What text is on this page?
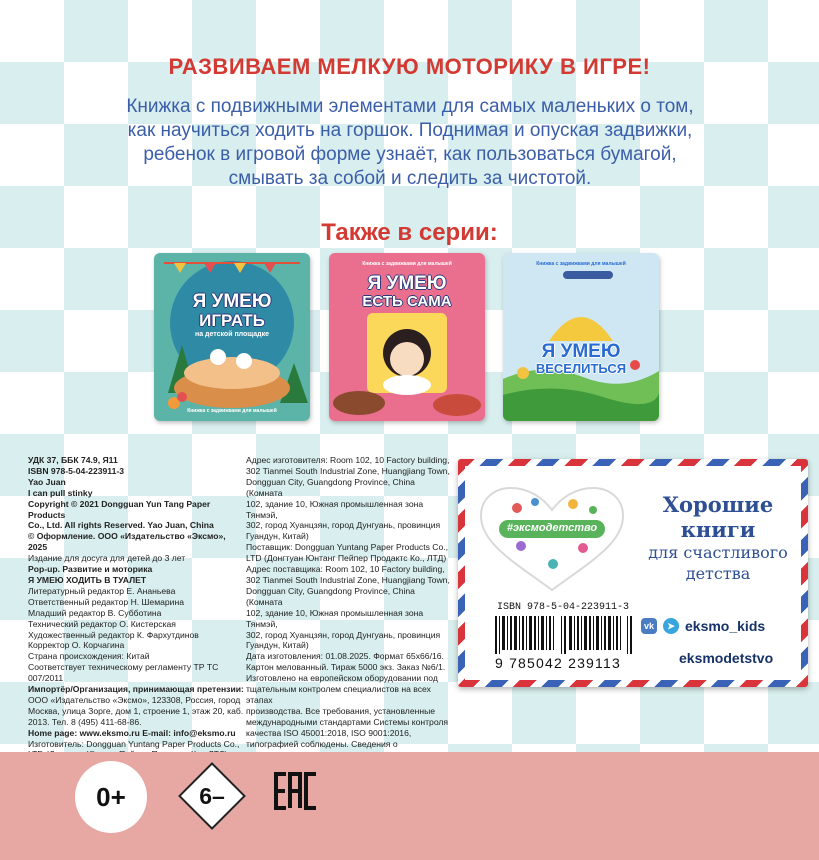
РАЗВИВАЕМ МЕЛКУЮ МОТОРИКУ В ИГРЕ!
Книжка с подвижными элементами для самых маленьких о том,
как научиться ходить на горшок. Поднимая и опуская задвижки,
ребенок в игровой форме узнаёт, как пользоваться бумагой,
смывать за собой и следить за чистотой.
Также в серии:
Я УМЕЮ
ИГРАТЬ
на детской площадке
Книжка с задвижками для малышей
Я УМЕЮ
ЕСТЬ САМА
Книжка с задвижками для малышей
Я УМЕЮ
ВЕСЕЛИТЬСЯ
Книжка с задвижками для малышей

УДК 37, ББК 74.9, Я11

ISBN 978-5-04-223911-3

Yao Juan

I can pull stinky

Copyright © 2021 Dongguan Yun Tang Paper Products

Co., Ltd. All rights Reserved. Yao Juan, China

© Оформление. ООО «Издательство «Эксмо», 2025

Издание для досуга для детей до 3 лет

Pop-up. Развитие и моторика

Я УМЕЮ ХОДИТЬ В ТУАЛЕТ

Литературный редактор Е. Ананьева

Ответственный редактор Н. Шемарина

Младший редактор В. Субботина

Технический редактор О. Кистерская

Художественный редактор К. Фархутдинов

Корректор О. Корчагина

Страна происхождения: Китай

Соответствует техническому регламенту ТР ТС 007/2011

Импортёр/Организация, принимающая претензии:

ООО «Издательство «Эксмо», 123308, Россия, город

Москва, улица Зорге, дом 1, строение 1, этаж 20, каб.

2013. Тел. 8 (495) 411-68-86.

Home page: www.eksmo.ru E-mail: info@eksmo.ru

Изготовитель: Dongguan Yuntang Paper Products Co.,

Адрес изготовителя: Room 102, 10 Factory building,

302 Tianmei South Industrial Zone, Huangjiang Town,

Dongguan City, Guangdong Province, China (Комната

102, здание 10, Южная промышленная зона Тянмэй,

302, город Хуанцзян, город Дунгуань, провинция

Гуандун, Китай)

Поставщик: Dongguan Yuntang Paper Products Co.,

LTD (Донгтуан Юнтанг Пейпер Продактс Ко., ЛТД)

Адрес поставщика: Room 102, 10 Factory building,

302 Tianmei South Industrial Zone, Huangjiang Town,

Dongguan City, Guangdong Province, China (Комната

102, здание 10, Южная промышленная зона Тянмэй,

302, город Хуанцзян, город Дунгуань, провинция

Гуандун, Китай)

Дата изготовления: 01.08.2025. Формат 65x66/16.

Картон мелованный. Тираж 5000 экз. Заказ №6/1.

Изготовлено на европейском оборудовании под

тщательным контролем специалистов на всех этапах

производства. Все требования, установленные

международными стандартами Системы контроля

качества ISO 45001:2018, ISO 9001:2016,

типографией соблюдены. Сведения о

#эксмодетство
Хорошие
книги
для счастливого
детства
ISBN 978-5-04-223911-3
9 785042 239113
vk	➤ eksmo_kids
eksmodetstvo
0+	6–
